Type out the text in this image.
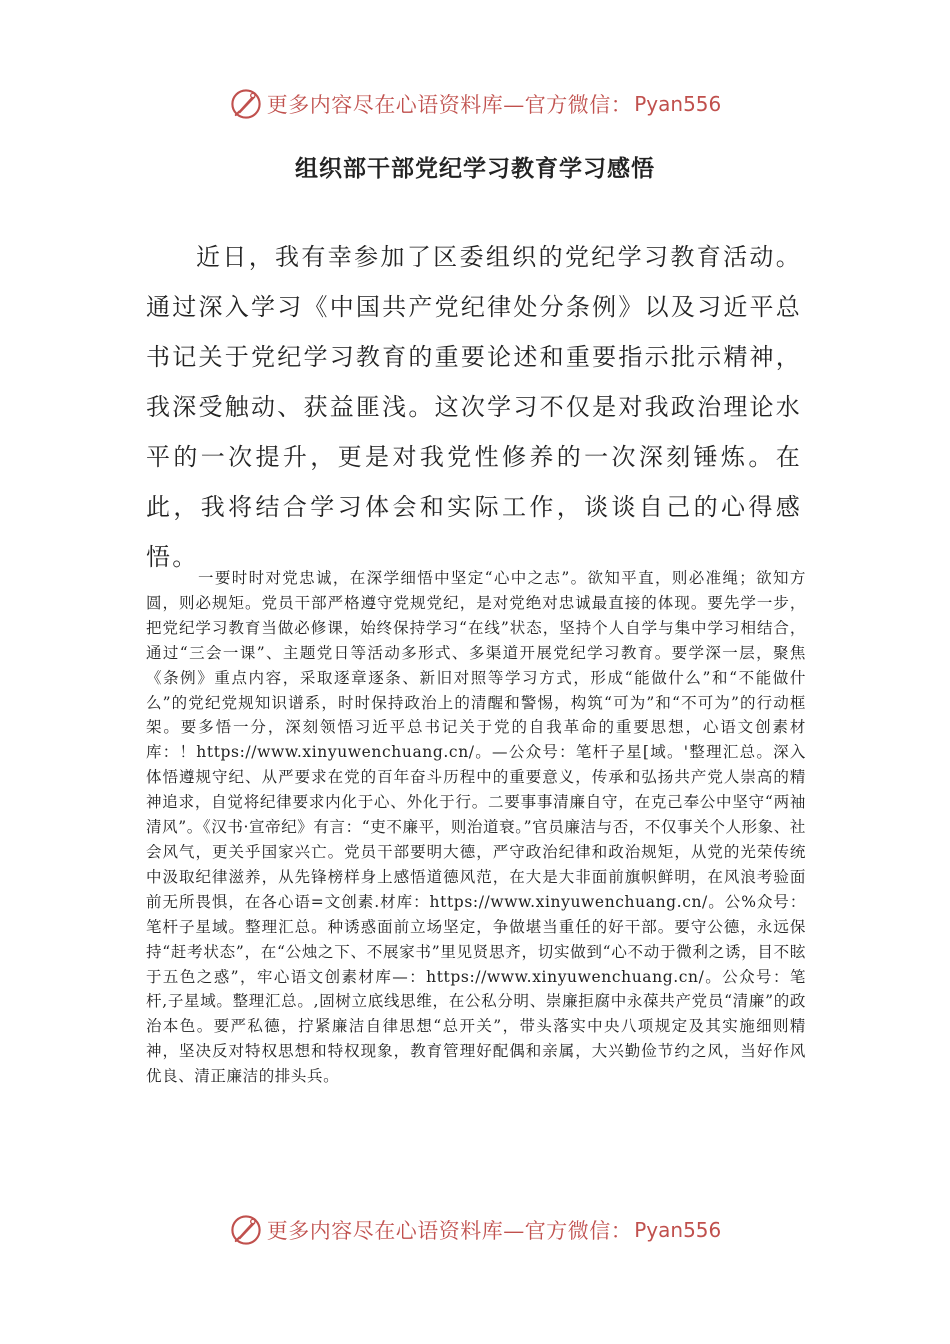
更多内容尽在心语资料库—官方微信： Pyan556
组织部干部党纪学习教育学习感悟

近日，我有幸参加了区委组织的党纪学习教育活动。通过深入学习《中国共产党纪律处分条例》以及习近平总书记关于党纪学习教育的重要论述和重要指示批示精神，我深受触动、获益匪浅。这次学习不仅是对我政治理论水平的一次提升，更是对我党性修养的一次深刻锤炼。在此，我将结合学习体会和实际工作，谈谈自己的心得感悟。

一要时时对党忠诚，在深学细悟中坚定“心中之志”。欲知平直，则必准绳；欲知方圆，则必规矩。党员干部严格遵守党规党纪，是对党绝对忠诚最直接的体现。要先学一步，把党纪学习教育当做必修课，始终保持学习“在线”状态，坚持个人自学与集中学习相结合，通过“三会一课”、主题党日等活动多形式、多渠道开展党纪学习教育。要学深一层，聚焦《条例》重点内容，采取逐章逐条、新旧对照等学习方式，形成“能做什么”和“不能做什么”的党纪党规知识谱系，时时保持政治上的清醒和警惕，构筑“可为”和“不可为”的行动框架。要多悟一分，深刻领悟习近平总书记关于党的自我革命的重要思想，心语文创素材库：！https://www.xinyuwenchuang.cn/。—公众号：笔杆子星[域。'整理汇总。深入体悟遵规守纪、从严要求在党的百年奋斗历程中的重要意义，传承和弘扬共产党人崇高的精神追求，自觉将纪律要求内化于心、外化于行。二要事事清廉自守，在克己奉公中坚守“两袖清风”。《汉书·宣帝纪》有言：“吏不廉平，则治道衰。”官员廉洁与否，不仅事关个人形象、社会风气，更关乎国家兴亡。党员干部要明大德，严守政治纪律和政治规矩，从党的光荣传统中汲取纪律滋养，从先锋榜样身上感悟道德风范，在大是大非面前旗帜鲜明，在风浪考验面前无所畏惧，在各心语=文创素.材库：https://www.xinyuwenchuang.cn/。公%众号：笔杆子星域。整理汇总。种诱惑面前立场坚定，争做堪当重任的好干部。要守公德，永远保持“赶考状态”，在“公烛之下、不展家书”里见贤思齐，切实做到“心不动于微利之诱，目不眩于五色之惑”，牢心语文创素材库—：https://www.xinyuwenchuang.cn/。公众号：笔杆,子星域。整理汇总。,固树立底线思维，在公私分明、崇廉拒腐中永葆共产党员“清廉”的政治本色。要严私德，拧紧廉洁自律思想“总开关”，带头落实中央八项规定及其实施细则精神，坚决反对特权思想和特权现象，教育管理好配偶和亲属，大兴勤俭节约之风，当好作风优良、清正廉洁的排头兵。

更多内容尽在心语资料库—官方微信： Pyan556
